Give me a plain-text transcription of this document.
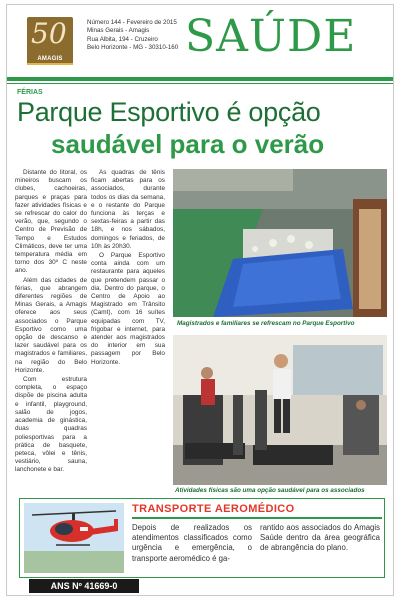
50
AMAGIS
Número 144 - Fevereiro de 2015
Minas Gerais - Amagis
Rua Albita, 194 - Cruzeiro
Belo Horizonte - MG - 30310-160 SAÚDE
FÉRIAS
Parque Esportivo é opção
saudável para o verão

Distante do litoral, os mineiros buscam os clubes, cachoeiras, parques e praças para fazer atividades físicas e se refrescar do calor do verão, que, segundo o Centro de Previsão de Tempo e Estudos Climáticos, deve ter uma temperatura média em torno dos 30º C neste ano.

Além das cidades de férias, que abrangem diferentes regiões de Minas Gerais, a Amagis oferece aos seus associados o Parque Esportivo como uma opção de descanso e lazer saudável para os magistrados e familiares, na região do Belo Horizonte.

Com estrutura completa, o espaço dispõe de piscina adulta e infantil, playground, salão de jogos, academia de ginástica, duas quadras poliesportivas para a prática de basquete, peteca, vôlei e tênis, vestiário, sauna, lanchonete e bar.

As quadras de tênis ficam abertas para os associados, durante todos os dias da semana, e o restante do Parque funciona às terças e sextas-feiras a partir das 18h, e nos sábados, domingos e feriados, de 10h às 20h30.

O Parque Esportivo conta ainda com um restaurante para aqueles que pretendem passar o dia. Dentro do parque, o Centro de Apoio ao Magistrado em Trânsito (Camt), com 16 suítes equipadas com TV, frigobar e internet, para atender aos magistrados do interior em sua passagem por Belo Horizonte.

Magistrados e familiares se refrescam no Parque Esportivo
Atividades físicas são uma opção saudável para os associados
TRANSPORTE AEROMÉDICO
Depois de realizados os atendimentos classificados como urgência e emergência, o transporte aeromédico é ga-
rantido aos associados do Amagis Saúde dentro da área geográfica de abrangência do plano.
ANS Nº 41669-0
